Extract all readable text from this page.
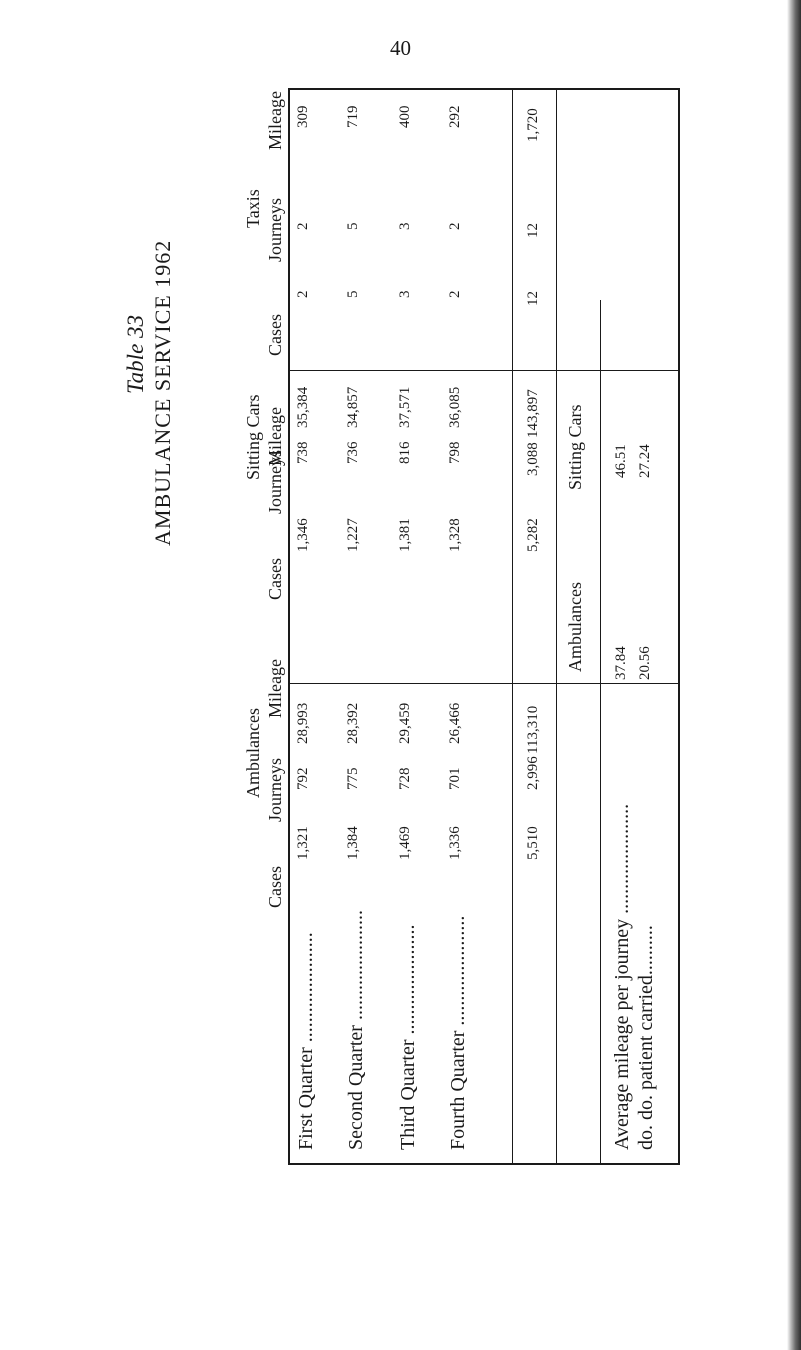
40
Table 33 AMBULANCE SERVICE 1962
Ambulances
Sitting Cars
Taxis
Cases
Journeys
Mileage
Cases
Journeys
Mileage
Cases
Journeys
Mileage
First Quarter ...................... Second Quarter ...................... Third Quarter ...................... Fourth Quarter ......................
1,321
792
28,993
1,346
738
35,384
2
2
309
1,384
775
28,392
1,227
736
34,857
5
5
719
1,469
728
29,459
1,381
816
37,571
3
3
400
1,336
701
26,466
1,328
798
36,085
2
2
292
5,510
2,996
113,310
5,282
3,088
143,897
12
12
1,720
Ambulances
Sitting Cars
Average mileage per journey ...................... do. do. patient carried..........
37.84 20.56
46.51 27.24
